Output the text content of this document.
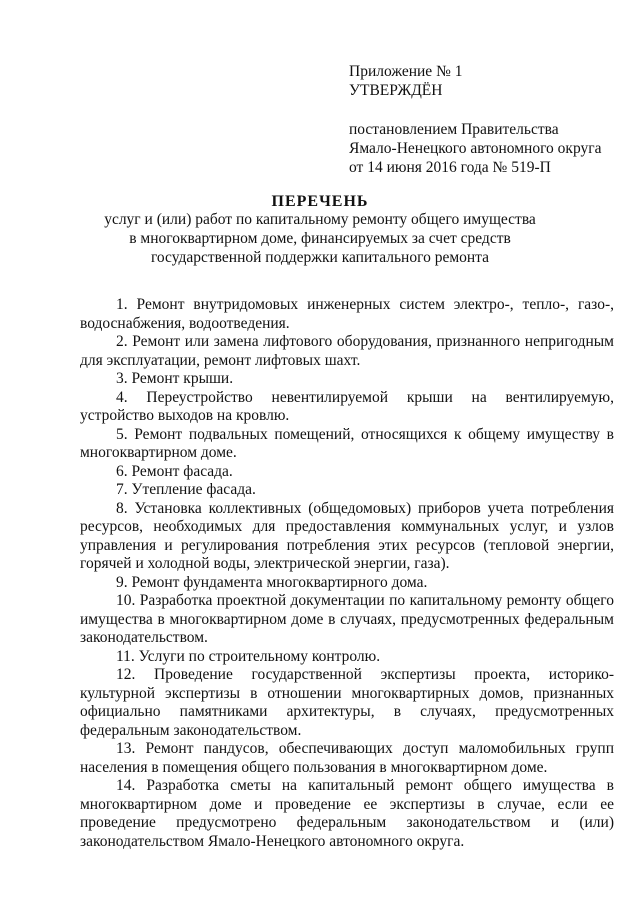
Приложение № 1
УТВЕРЖДЁН
постановлением Правительства
Ямало-Ненецкого автономного округа
от 14 июня 2016 года № 519-П
ПЕРЕЧЕНЬ
услуг и (или) работ по капитальному ремонту общего имущества
в многоквартирном доме, финансируемых за счет средств
государственной поддержки капитального ремонта

1. Ремонт внутридомовых инженерных систем электро-, тепло-, газо-, водоснабжения, водоотведения.

2. Ремонт или замена лифтового оборудования, признанного непригодным для эксплуатации, ремонт лифтовых шахт.

3. Ремонт крыши.

4. Переустройство невентилируемой крыши на вентилируемую, устройство выходов на кровлю.

5. Ремонт подвальных помещений, относящихся к общему имуществу в многоквартирном доме.

6. Ремонт фасада.

7. Утепление фасада.

8. Установка коллективных (общедомовых) приборов учета потребления ресурсов, необходимых для предоставления коммунальных услуг, и узлов управления и регулирования потребления этих ресурсов (тепловой энергии, горячей и холодной воды, электрической энергии, газа).

9. Ремонт фундамента многоквартирного дома.

10. Разработка проектной документации по капитальному ремонту общего имущества в многоквартирном доме в случаях, предусмотренных федеральным законодательством.

11. Услуги по строительному контролю.

12. Проведение государственной экспертизы проекта, историко-культурной экспертизы в отношении многоквартирных домов, признанных официально памятниками архитектуры, в случаях, предусмотренных федеральным законодательством.

13. Ремонт пандусов, обеспечивающих доступ маломобильных групп населения в помещения общего пользования в многоквартирном доме.

14. Разработка сметы на капитальный ремонт общего имущества в многоквартирном доме и проведение ее экспертизы в случае, если ее проведение предусмотрено федеральным законодательством и (или) законодательством Ямало-Ненецкого автономного округа.
